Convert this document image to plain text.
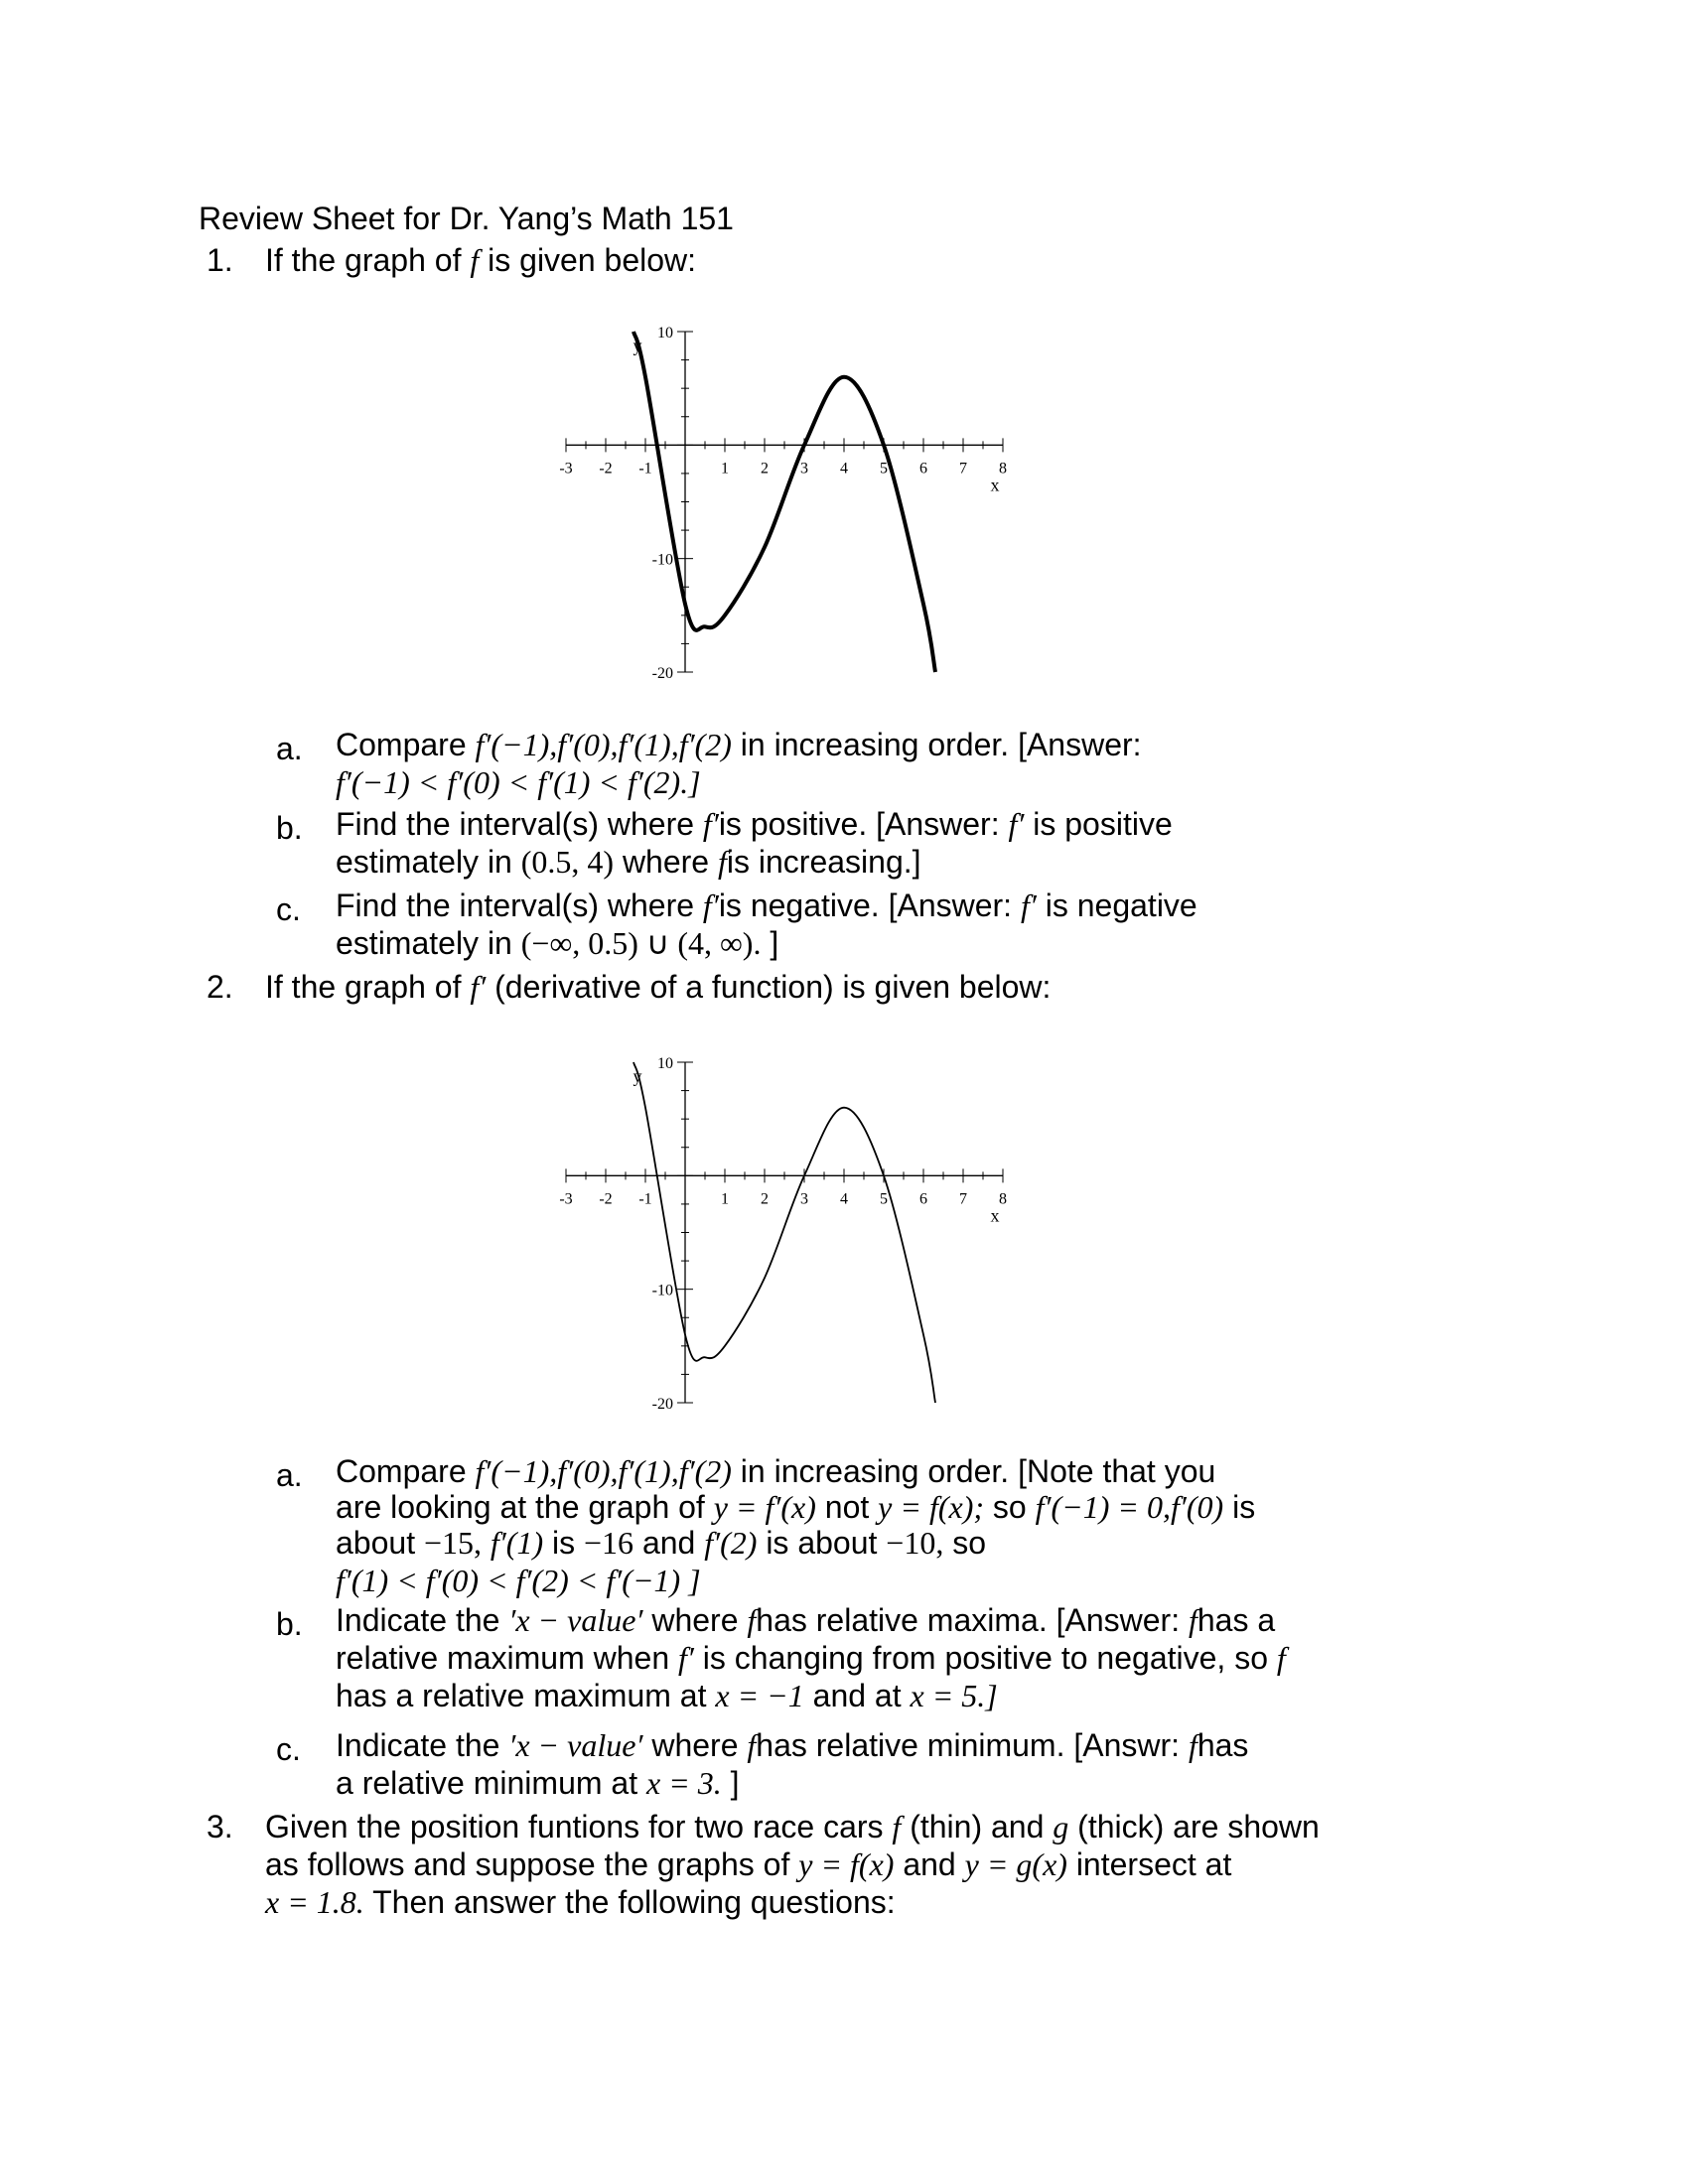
Review Sheet for Dr. Yang’s Math 151
1. If the graph of f is given below:
-3 -2 -1	1 2 3 4 5 6 7 8
10
-10
-20
x
y
a. Compare f′(−1),f′(0),f′(1),f′(2) in increasing order. [Answer:
f′(−1) < f′(0) < f′(1) < f′(2).]
b. Find the interval(s) where f′is positive. [Answer: f′ is positive
estimately in (0.5, 4) where fis increasing.]
c. Find the interval(s) where f′is negative. [Answer: f′ is negative
estimately in (−∞, 0.5) ∪ (4, ∞). ]
2. If the graph of f′ (derivative of a function) is given below:
-3 -2 -1	1 2 3 4 5 6 7 8
10
-10
-20
x
y
a. Compare f′(−1),f′(0),f′(1),f′(2) in increasing order. [Note that you
are looking at the graph of y = f′(x) not y = f(x); so f′(−1) = 0,f′(0) is
about −15, f′(1) is −16 and f′(2) is about −10, so
f′(1) < f′(0) < f′(2) < f′(−1) ]
b. Indicate the ′x − value′ where fhas relative maxima. [Answer: fhas a
relative maximum when f′ is changing from positive to negative, so f
has a relative maximum at x = −1 and at x = 5.]
c. Indicate the ′x − value′ where fhas relative minimum. [Answr: fhas
a relative minimum at x = 3. ]
3. Given the position funtions for two race cars f (thin) and g (thick) are shown
as follows and suppose the graphs of y = f(x) and y = g(x) intersect at
x = 1.8. Then answer the following questions:
